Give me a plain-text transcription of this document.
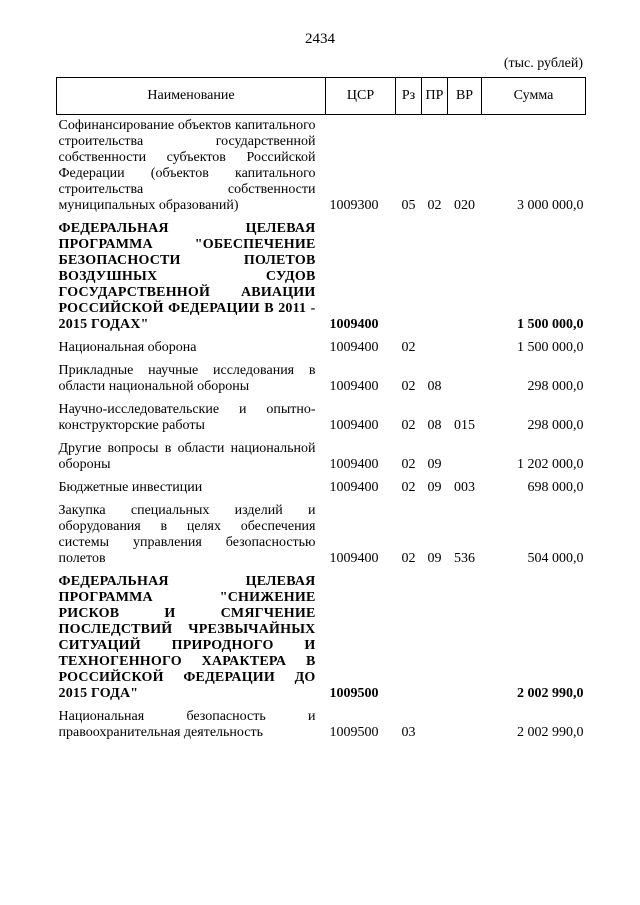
2434
(тыс. рублей)
Наименование	ЦСР	Рз	ПР	ВР	Сумма
Софинансирование объектов капитального строительства государственной собственности субъектов Российской Федерации (объектов капитального строительства собственности муниципальных образований)	1009300	05	02	020	3 000 000,0
ФЕДЕРАЛЬНАЯ ЦЕЛЕВАЯ ПРОГРАММА "ОБЕСПЕЧЕНИЕ БЕЗОПАСНОСТИ ПОЛЕТОВ ВОЗДУШНЫХ СУДОВ ГОСУДАРСТВЕННОЙ АВИАЦИИ РОССИЙСКОЙ ФЕДЕРАЦИИ В 2011 - 2015 ГОДАХ"	1009400				1 500 000,0
Национальная оборона	1009400	02			1 500 000,0
Прикладные научные исследования в области национальной обороны	1009400	02	08		298 000,0
Научно-исследовательские и опытно-конструкторские работы	1009400	02	08	015	298 000,0
Другие вопросы в области национальной обороны	1009400	02	09		1 202 000,0
Бюджетные инвестиции	1009400	02	09	003	698 000,0
Закупка специальных изделий и оборудования в целях обеспечения системы управления безопасностью полетов	1009400	02	09	536	504 000,0
ФЕДЕРАЛЬНАЯ ЦЕЛЕВАЯ ПРОГРАММА "СНИЖЕНИЕ РИСКОВ И СМЯГЧЕНИЕ ПОСЛЕДСТВИЙ ЧРЕЗВЫЧАЙНЫХ СИТУАЦИЙ ПРИРОДНОГО И ТЕХНОГЕННОГО ХАРАКТЕРА В РОССИЙСКОЙ ФЕДЕРАЦИИ ДО 2015 ГОДА"	1009500				2 002 990,0
Национальная безопасность и правоохранительная деятельность	1009500	03			2 002 990,0
